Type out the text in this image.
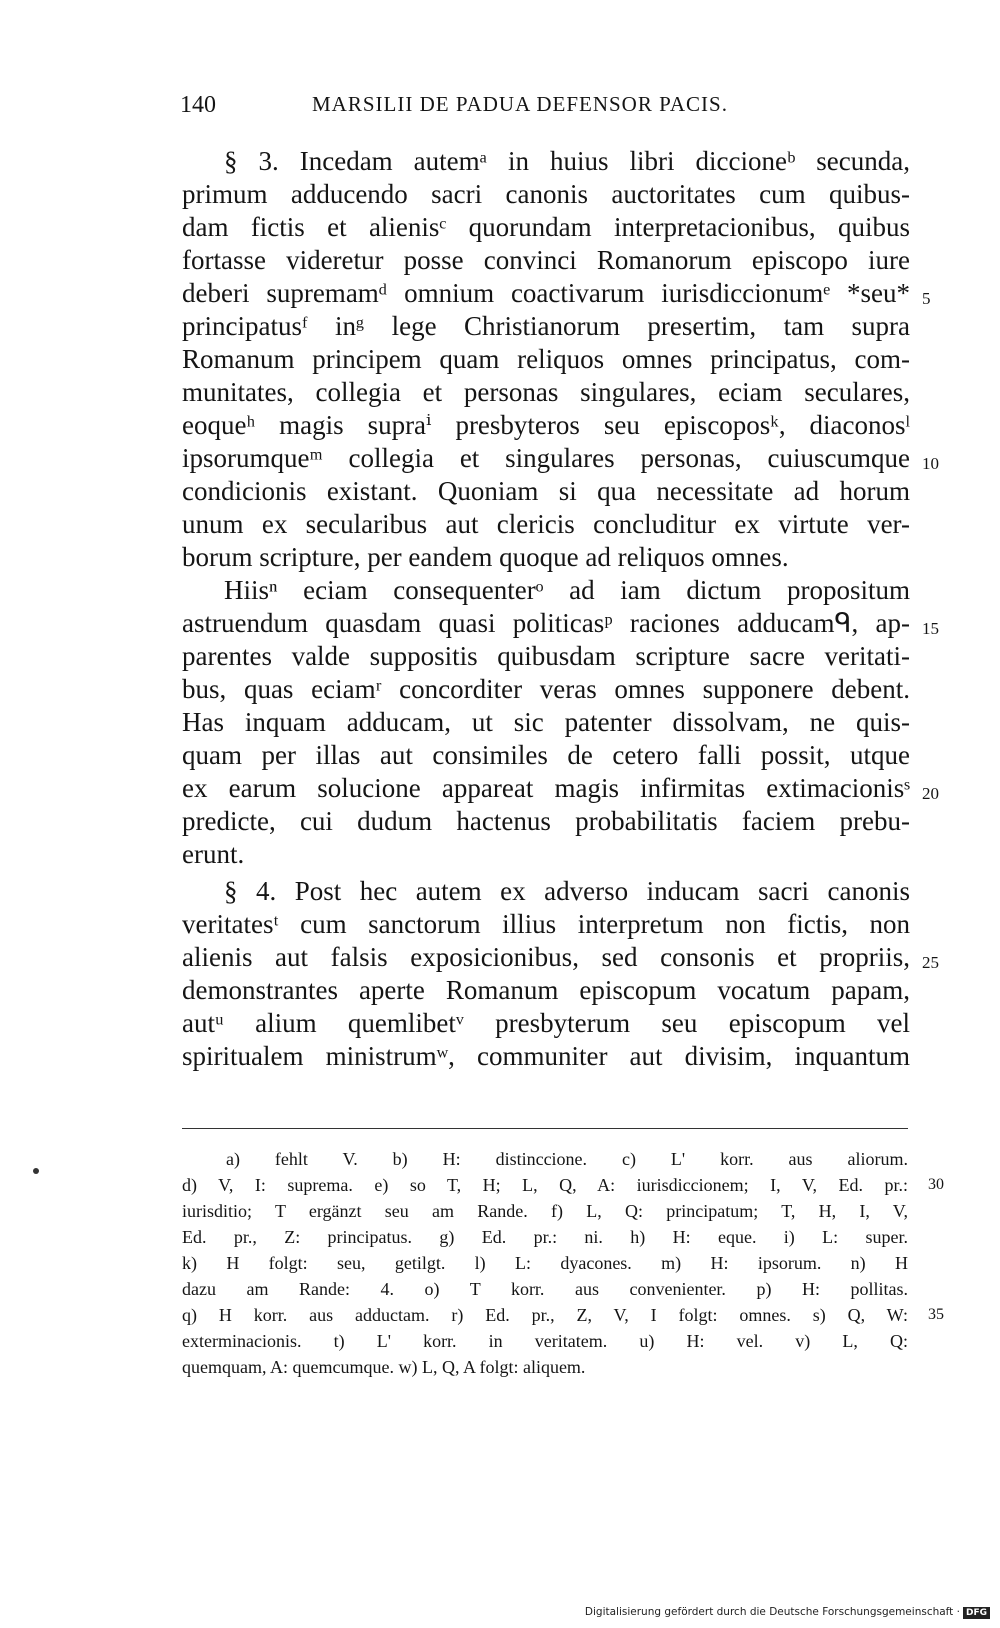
140	MARSILII DE PADUA DEFENSOR PACIS.
§ 3. Incedam autemᵃ in huius libri diccioneᵇ secunda,
primum adducendo sacri canonis auctoritates cum quibus-
dam fictis et alienisᶜ quorundam interpretacionibus, quibus
fortasse videretur posse convinci Romanorum episcopo iure
deberi supremamᵈ omnium coactivarum iurisdiccionumᵉ *seu*
principatusᶠ inᵍ lege Christianorum presertim, tam supra
Romanum principem quam reliquos omnes principatus, com-
munitates, collegia et personas singulares, eciam seculares,
eoqueʰ magis supraⁱ presbyteros seu episcoposᵏ, diaconosˡ
ipsorumqueᵐ collegia et singulares personas, cuiuscumque
condicionis existant. Quoniam si qua necessitate ad horum
unum ex secularibus aut clericis concluditur ex virtute ver-
borum scripture, per eandem quoque ad reliquos omnes.
Hiisⁿ eciam consequenterᵒ ad iam dictum propositum
astruendum quasdam quasi politicasᵖ raciones adducamᑫ, ap-
parentes valde suppositis quibusdam scripture sacre veritati-
bus, quas eciamʳ concorditer veras omnes supponere debent.
Has inquam adducam, ut sic patenter dissolvam, ne quis-
quam per illas aut consimiles de cetero falli possit, utque
ex earum solucione appareat magis infirmitas extimacionisˢ
predicte, cui dudum hactenus probabilitatis faciem prebu-
erunt.
§ 4. Post hec autem ex adverso inducam sacri canonis
veritatesᵗ cum sanctorum illius interpretum non fictis, non
alienis aut falsis exposicionibus, sed consonis et propriis,
demonstrantes aperte Romanum episcopum vocatum papam,
autᵘ alium quemlibetᵛ presbyterum seu episcopum vel
spiritualem ministrumʷ, communiter aut divisim, inquantum
5
10
15
20
25
a) fehlt V. b) H: distinccione. c) L' korr. aus aliorum.
d) V, I: suprema. e) so T, H; L, Q, A: iurisdiccionem; I, V, Ed. pr.:
iurisditio; T ergänzt seu am Rande. f) L, Q: principatum; T, H, I, V,
Ed. pr., Z: principatus. g) Ed. pr.: ni. h) H: eque. i) L: super.
k) H folgt: seu, getilgt. l) L: dyacones. m) H: ipsorum. n) H
dazu am Rande: 4. o) T korr. aus convenienter. p) H: pollitas.
q) H korr. aus adductam. r) Ed. pr., Z, V, I folgt: omnes. s) Q, W:
exterminacionis. t) L' korr. in veritatem. u) H: vel. v) L, Q:
quemquam, A: quemcumque. w) L, Q, A folgt: aliquem.
30
35
Digitalisierung gefördert durch die Deutsche Forschungsgemeinschaft · DFG
